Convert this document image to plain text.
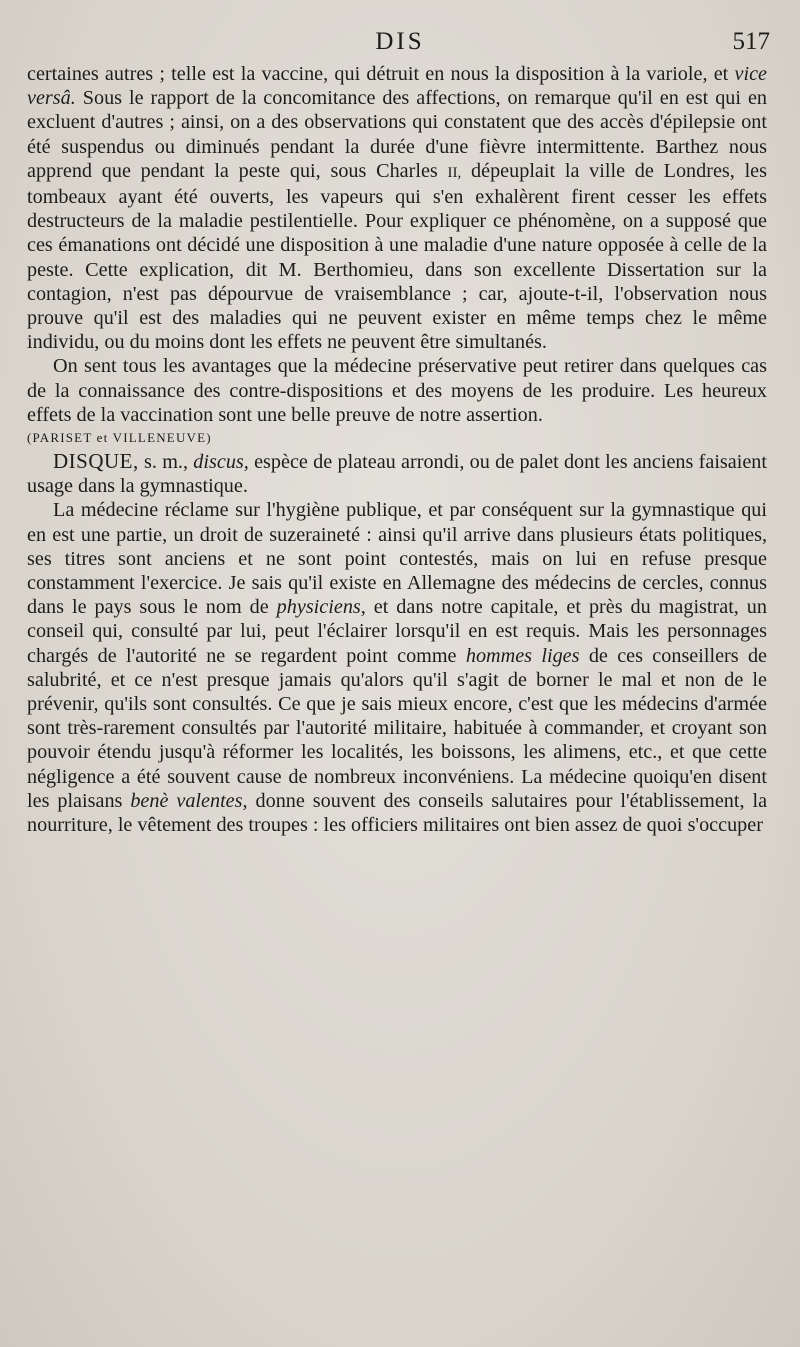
DIS	517

certaines autres ; telle est la vaccine, qui détruit en nous la disposition à la variole, et vice versâ. Sous le rapport de la concomitance des affections, on remarque qu'il en est qui en excluent d'autres ; ainsi, on a des observations qui constatent que des accès d'épilepsie ont été suspendus ou diminués pendant la durée d'une fièvre intermittente. Barthez nous apprend que pendant la peste qui, sous Charles II, dépeuplait la ville de Londres, les tombeaux ayant été ouverts, les vapeurs qui s'en exhalèrent firent cesser les effets destructeurs de la maladie pestilentielle. Pour expliquer ce phénomène, on a supposé que ces émanations ont décidé une disposition à une maladie d'une nature opposée à celle de la peste. Cette explication, dit M. Berthomieu, dans son excellente Dissertation sur la contagion, n'est pas dépourvue de vraisemblance ; car, ajoute-t-il, l'observation nous prouve qu'il est des maladies qui ne peuvent exister en même temps chez le même individu, ou du moins dont les effets ne peuvent être simultanés.

On sent tous les avantages que la médecine préservative peut retirer dans quelques cas de la connaissance des contre-dispositions et des moyens de les produire. Les heureux effets de la vaccination sont une belle preuve de notre assertion.

(PARISET et VILLENEUVE)

DISQUE, s. m., discus, espèce de plateau arrondi, ou de palet dont les anciens faisaient usage dans la gymnastique.

La médecine réclame sur l'hygiène publique, et par conséquent sur la gymnastique qui en est une partie, un droit de suzeraineté : ainsi qu'il arrive dans plusieurs états politiques, ses titres sont anciens et ne sont point contestés, mais on lui en refuse presque constamment l'exercice. Je sais qu'il existe en Allemagne des médecins de cercles, connus dans le pays sous le nom de physiciens, et dans notre capitale, et près du magistrat, un conseil qui, consulté par lui, peut l'éclairer lorsqu'il en est requis. Mais les personnages chargés de l'autorité ne se regardent point comme hommes liges de ces conseillers de salubrité, et ce n'est presque jamais qu'alors qu'il s'agit de borner le mal et non de le prévenir, qu'ils sont consultés. Ce que je sais mieux encore, c'est que les médecins d'armée sont très-rarement consultés par l'autorité militaire, habituée à commander, et croyant son pouvoir étendu jusqu'à réformer les localités, les boissons, les alimens, etc., et que cette négligence a été souvent cause de nombreux inconvéniens. La médecine quoiqu'en disent les plaisans benè valentes, donne souvent des conseils salutaires pour l'établissement, la nourriture, le vêtement des troupes : les officiers militaires ont bien assez de quoi s'occuper
